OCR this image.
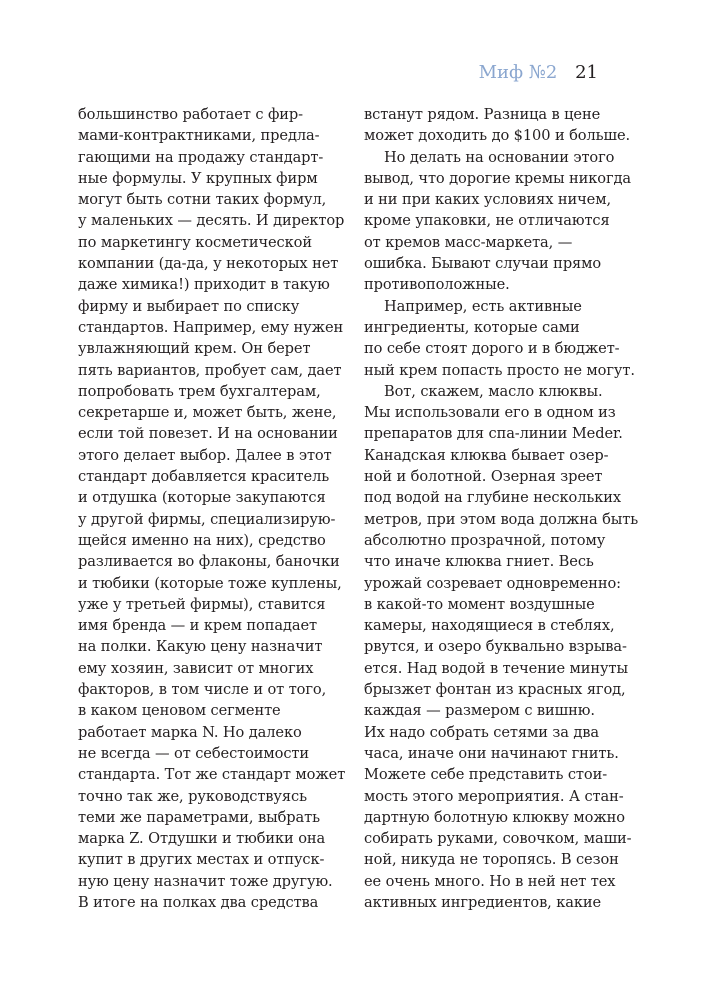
Миф №2 21
большинство работает с фир-
мами-контрактниками, предла-
гающими на продажу стандарт-
ные формулы. У крупных фирм
могут быть сотни таких формул,
у маленьких — десять. И директор
по маркетингу косметической
компании (да-да, у некоторых нет
даже химика!) приходит в такую
фирму и выбирает по списку
стандартов. Например, ему нужен
увлажняющий крем. Он берет
пять вариантов, пробует сам, дает
попробовать трем бухгалтерам,
секретарше и, может быть, жене,
если той повезет. И на основании
этого делает выбор. Далее в этот
стандарт добавляется краситель
и отдушка (которые закупаются
у другой фирмы, специализирую-
щейся именно на них), средство
разливается во флаконы, баночки
и тюбики (которые тоже куплены,
уже у третьей фирмы), ставится
имя бренда — и крем попадает
на полки. Какую цену назначит
ему хозяин, зависит от многих
факторов, в том числе и от того,
в каком ценовом сегменте
работает марка N. Но далеко
не всегда — от себестоимости
стандарта. Тот же стандарт может
точно так же, руководствуясь
теми же параметрами, выбрать
марка Z. Отдушки и тюбики она
купит в других местах и отпуск-
ную цену назначит тоже другую.
В итоге на полках два средства
встанут рядом. Разница в цене
может доходить до $100 и больше.
Но делать на основании этого
вывод, что дорогие кремы никогда
и ни при каких условиях ничем,
кроме упаковки, не отличаются
от кремов масс-маркета, —
ошибка. Бывают случаи прямо
противоположные.
Например, есть активные
ингредиенты, которые сами
по себе стоят дорого и в бюджет-
ный крем попасть просто не могут.
Вот, скажем, масло клюквы.
Мы использовали его в одном из
препаратов для спа-линии Meder.
Канадская клюква бывает озер-
ной и болотной. Озерная зреет
под водой на глубине нескольких
метров, при этом вода должна быть
абсолютно прозрачной, потому
что иначе клюква гниет. Весь
урожай созревает одновременно:
в какой-то момент воздушные
камеры, находящиеся в стеблях,
рвутся, и озеро буквально взрыва-
ется. Над водой в течение минуты
брызжет фонтан из красных ягод,
каждая — размером с вишню.
Их надо собрать сетями за два
часа, иначе они начинают гнить.
Можете себе представить стои-
мость этого мероприятия. А стан-
дартную болотную клюкву можно
собирать руками, совочком, маши-
ной, никуда не торопясь. В сезон
ее очень много. Но в ней нет тех
активных ингредиентов, какие
